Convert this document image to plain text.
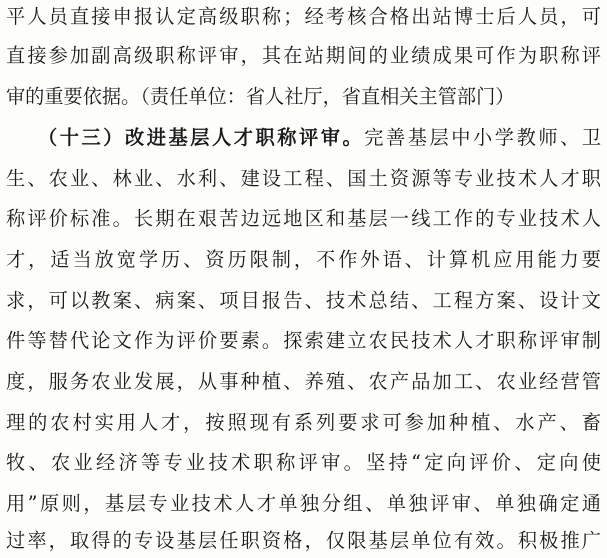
平人员直接申报认定高级职称；经考核合格出站博士后人员，可
直接参加副高级职称评审，其在站期间的业绩成果可作为职称评
审的重要依据。（责任单位：省人社厅，省直相关主管部门）
（十三）改进基层人才职称评审。完善基层中小学教师、卫
生、农业、林业、水利、建设工程、国土资源等专业技术人才职
称评价标准。长期在艰苦边远地区和基层一线工作的专业技术人
才，适当放宽学历、资历限制，不作外语、计算机应用能力要
求，可以教案、病案、项目报告、技术总结、工程方案、设计文
件等替代论文作为评价要素。探索建立农民技术人才职称评审制
度，服务农业发展，从事种植、养殖、农产品加工、农业经营管
理的农村实用人才，按照现有系列要求可参加种植、水产、畜
牧、农业经济等专业技术职称评审。坚持“定向评价、定向使
用”原则，基层专业技术人才单独分组、单独评审、单独确定通
过率，取得的专设基层任职资格，仅限基层单位有效。积极推广
